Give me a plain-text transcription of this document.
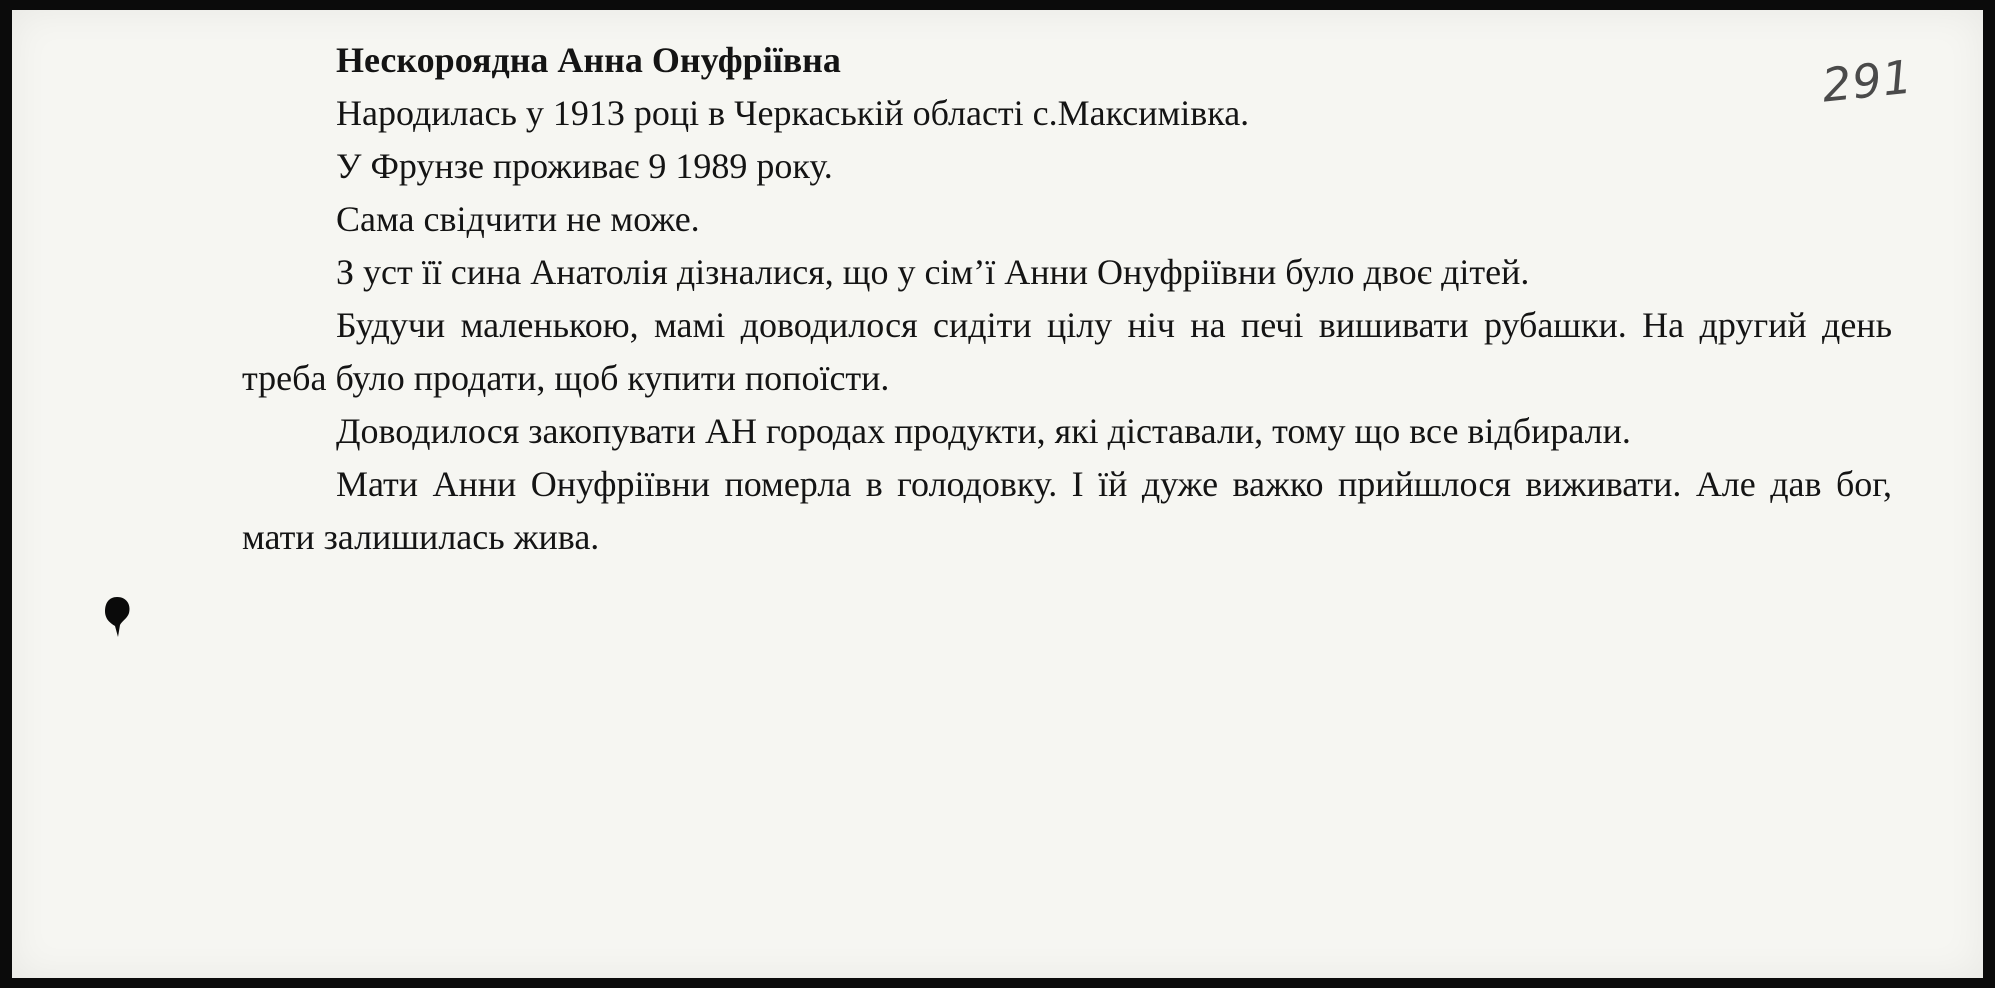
Нескороядна Анна Онуфріївна

Народилась у 1913 році в Черкаській області с.Максимівка.

У Фрунзе проживає 9 1989 року.

Сама свідчити не може.

З уст її сина Анатолія дізналися, що у сім’ї Анни Онуфріївни було двоє дітей.

Будучи маленькою, мамі доводилося сидіти цілу ніч на печі вишивати рубашки. На другий день треба було продати, щоб купити попоїсти.

Доводилося закопувати АН городах продукти, які діставали, тому що все відбирали.

Мати Анни Онуфріївни померла в голодовку. І їй дуже важко прийшлося виживати. Але дав бог, мати залишилась жива.

291
